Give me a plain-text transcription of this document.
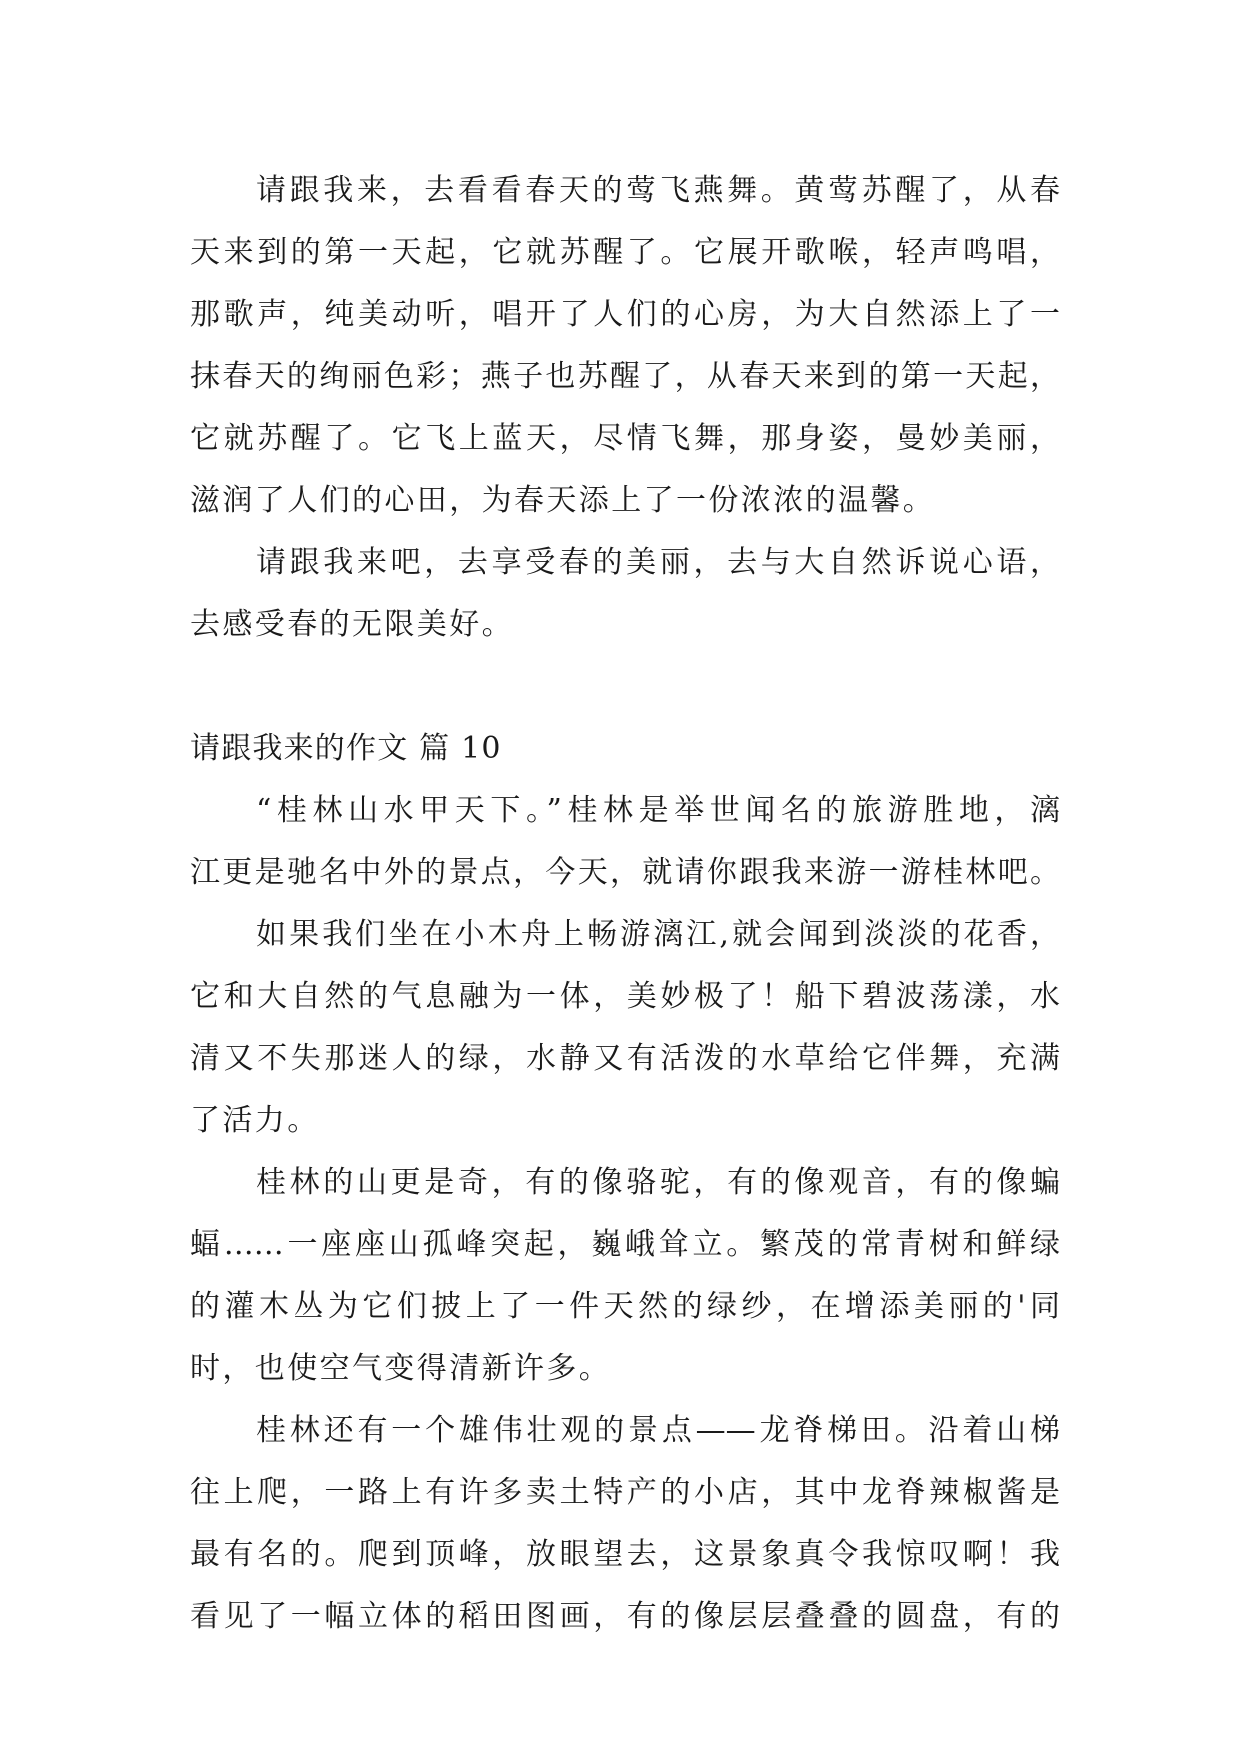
请跟我来，去看看春天的莺飞燕舞。黄莺苏醒了，从春
天来到的第一天起，它就苏醒了。它展开歌喉，轻声鸣唱，
那歌声，纯美动听，唱开了人们的心房，为大自然添上了一
抹春天的绚丽色彩；燕子也苏醒了，从春天来到的第一天起，
它就苏醒了。它飞上蓝天，尽情飞舞，那身姿，曼妙美丽，
滋润了人们的心田，为春天添上了一份浓浓的温馨。
请跟我来吧，去享受春的美丽，去与大自然诉说心语，
去感受春的无限美好。
请跟我来的作文 篇 10
“桂林山水甲天下。”桂林是举世闻名的旅游胜地，漓
江更是驰名中外的景点，今天，就请你跟我来游一游桂林吧。
如果我们坐在小木舟上畅游漓江,就会闻到淡淡的花香，
它和大自然的气息融为一体，美妙极了！船下碧波荡漾，水
清又不失那迷人的绿，水静又有活泼的水草给它伴舞，充满
了活力。
桂林的山更是奇，有的像骆驼，有的像观音，有的像蝙
蝠……一座座山孤峰突起，巍峨耸立。繁茂的常青树和鲜绿
的灌木丛为它们披上了一件天然的绿纱，在增添美丽的'同
时，也使空气变得清新许多。
桂林还有一个雄伟壮观的景点——龙脊梯田。沿着山梯
往上爬，一路上有许多卖土特产的小店，其中龙脊辣椒酱是
最有名的。爬到顶峰，放眼望去，这景象真令我惊叹啊！我
看见了一幅立体的稻田图画，有的像层层叠叠的圆盘，有的
